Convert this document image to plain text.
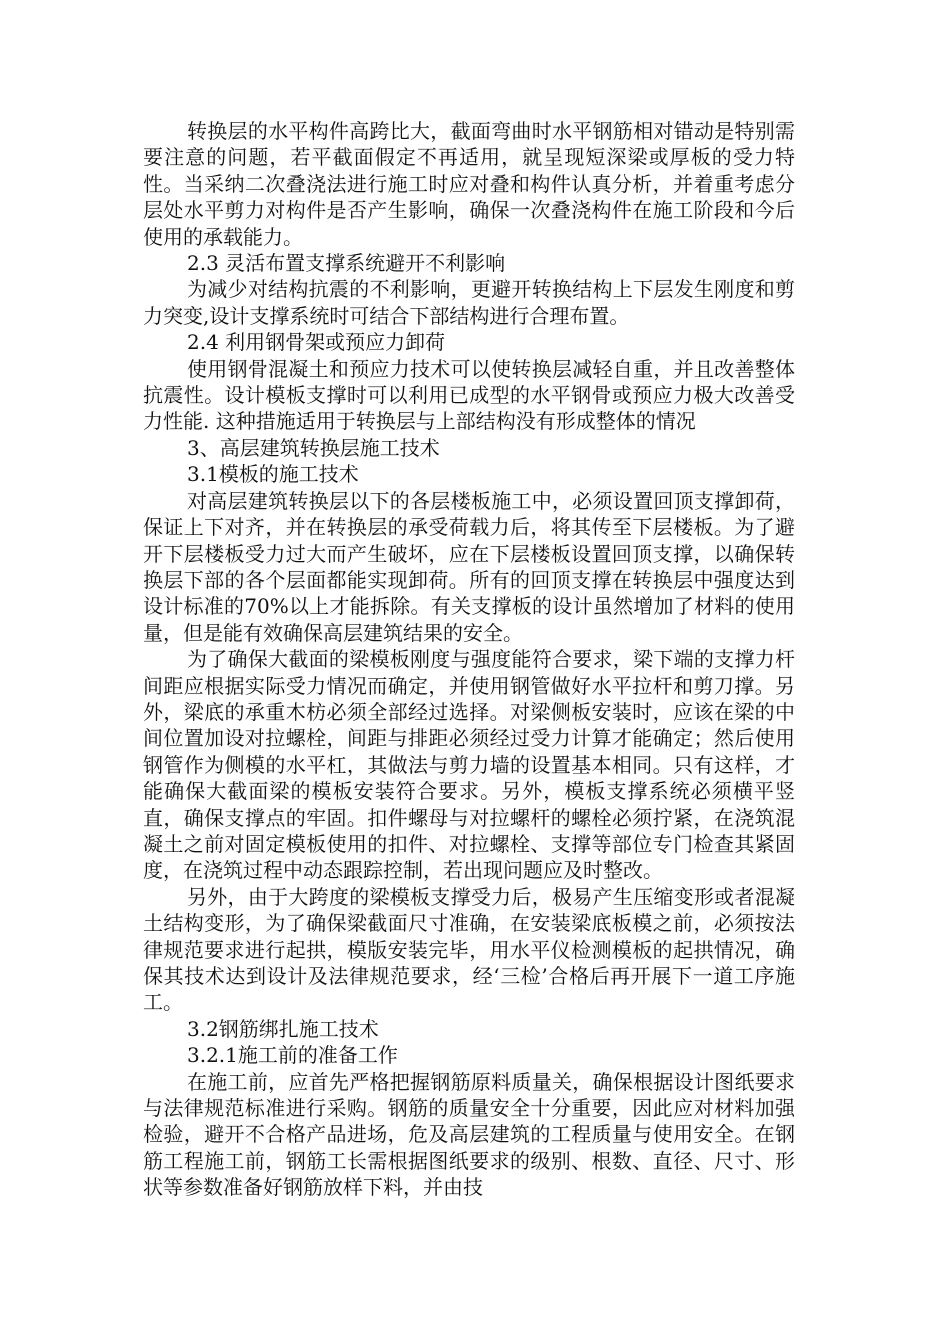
转换层的水平构件高跨比大，截面弯曲时水平钢筋相对错动是特别需要注意的问题，若平截面假定不再适用，就呈现短深梁或厚板的受力特性。当采纳二次叠浇法进行施工时应对叠和构件认真分析，并着重考虑分层处水平剪力对构件是否产生影响，确保一次叠浇构件在施工阶段和今后使用的承载能力。

2.3 灵活布置支撑系统避开不利影响

为减少对结构抗震的不利影响，更避开转换结构上下层发生刚度和剪力突变,设计支撑系统时可结合下部结构进行合理布置。

2.4 利用钢骨架或预应力卸荷

使用钢骨混凝土和预应力技术可以使转换层减轻自重，并且改善整体抗震性。设计模板支撑时可以利用已成型的水平钢骨或预应力极大改善受力性能. 这种措施适用于转换层与上部结构没有形成整体的情况

3、高层建筑转换层施工技术

3.1模板的施工技术

对高层建筑转换层以下的各层楼板施工中，必须设置回顶支撑卸荷，保证上下对齐，并在转换层的承受荷载力后，将其传至下层楼板。为了避开下层楼板受力过大而产生破坏，应在下层楼板设置回顶支撑，以确保转换层下部的各个层面都能实现卸荷。所有的回顶支撑在转换层中强度达到设计标准的70%以上才能拆除。有关支撑板的设计虽然增加了材料的使用量，但是能有效确保高层建筑结果的安全。

为了确保大截面的梁模板刚度与强度能符合要求，梁下端的支撑力杆间距应根据实际受力情况而确定，并使用钢管做好水平拉杆和剪刀撑。另外，梁底的承重木枋必须全部经过选择。对梁侧板安装时，应该在梁的中间位置加设对拉螺栓，间距与排距必须经过受力计算才能确定；然后使用钢管作为侧模的水平杠，其做法与剪力墙的设置基本相同。只有这样，才能确保大截面梁的模板安装符合要求。另外，模板支撑系统必须横平竖直，确保支撑点的牢固。扣件螺母与对拉螺杆的螺栓必须拧紧，在浇筑混凝土之前对固定模板使用的扣件、对拉螺栓、支撑等部位专门检查其紧固度，在浇筑过程中动态跟踪控制，若出现问题应及时整改。

另外，由于大跨度的梁模板支撑受力后，极易产生压缩变形或者混凝土结构变形，为了确保梁截面尺寸准确，在安装梁底板模之前，必须按法律规范要求进行起拱，模版安装完毕，用水平仪检测模板的起拱情况，确保其技术达到设计及法律规范要求，经‘三检’合格后再开展下一道工序施工。

3.2钢筋绑扎施工技术

3.2.1施工前的准备工作

在施工前，应首先严格把握钢筋原料质量关，确保根据设计图纸要求与法律规范标准进行采购。钢筋的质量安全十分重要，因此应对材料加强检验，避开不合格产品进场，危及高层建筑的工程质量与使用安全。在钢筋工程施工前，钢筋工长需根据图纸要求的级别、根数、直径、尺寸、形状等参数准备好钢筋放样下料，并由技
